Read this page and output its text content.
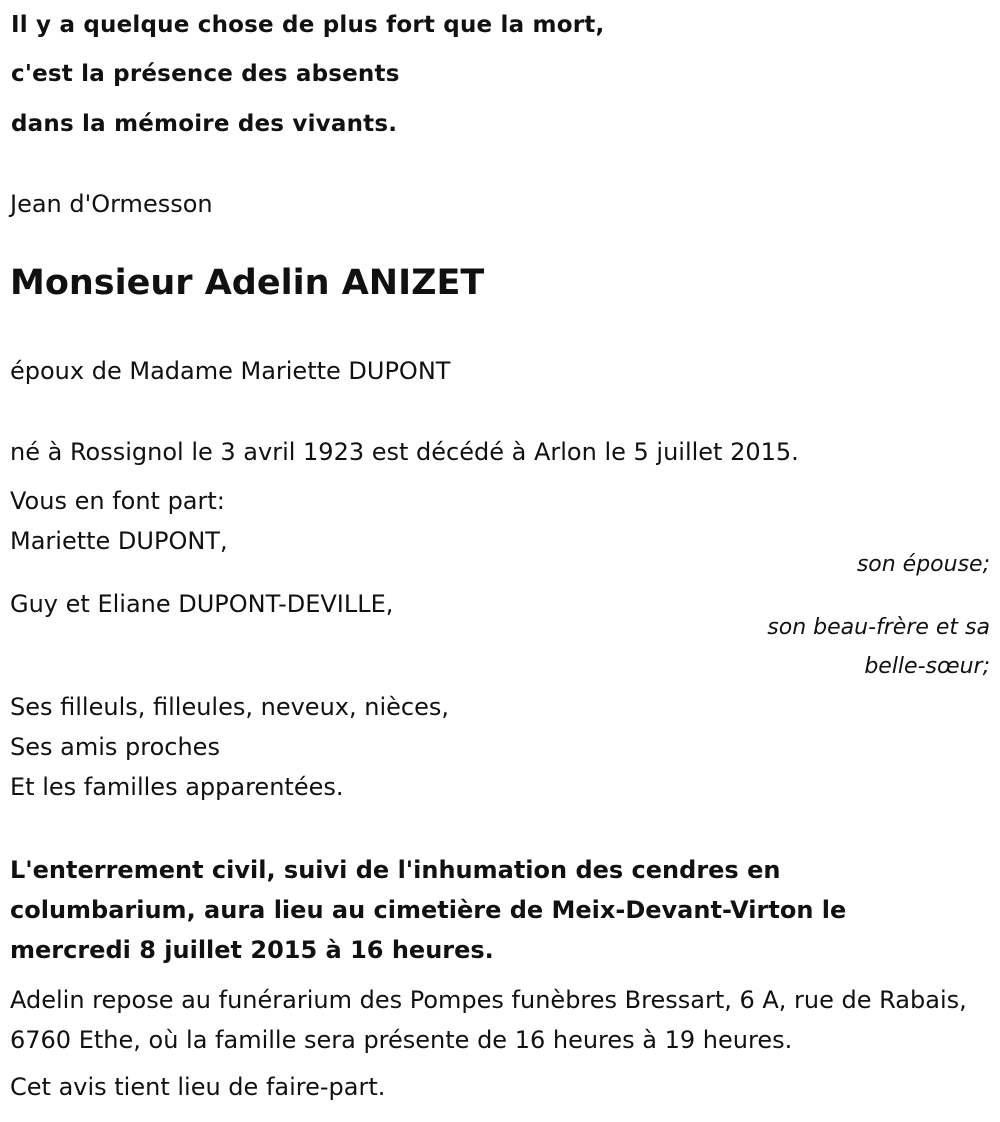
Il y a quelque chose de plus fort que la mort,

c'est la présence des absents

dans la mémoire des vivants.

Jean d'Ormesson

Monsieur Adelin ANIZET

époux de Madame Mariette DUPONT

né à Rossignol le 3 avril 1923 est décédé à Arlon le 5 juillet 2015.

Vous en font part:

Mariette DUPONT,

son épouse;

Guy et Eliane DUPONT-DEVILLE,

son beau-frère et sa

belle-sœur;

Ses filleuls, filleules, neveux, nièces,

Ses amis proches

Et les familles apparentées.

L'enterrement civil, suivi de l'inhumation des cendres en columbarium, aura lieu au cimetière de Meix-Devant-Virton le mercredi 8 juillet 2015 à 16 heures.

Adelin repose au funérarium des Pompes funèbres Bressart, 6 A, rue de Rabais, 6760 Ethe, où la famille sera présente de 16 heures à 19 heures.

Cet avis tient lieu de faire-part.
